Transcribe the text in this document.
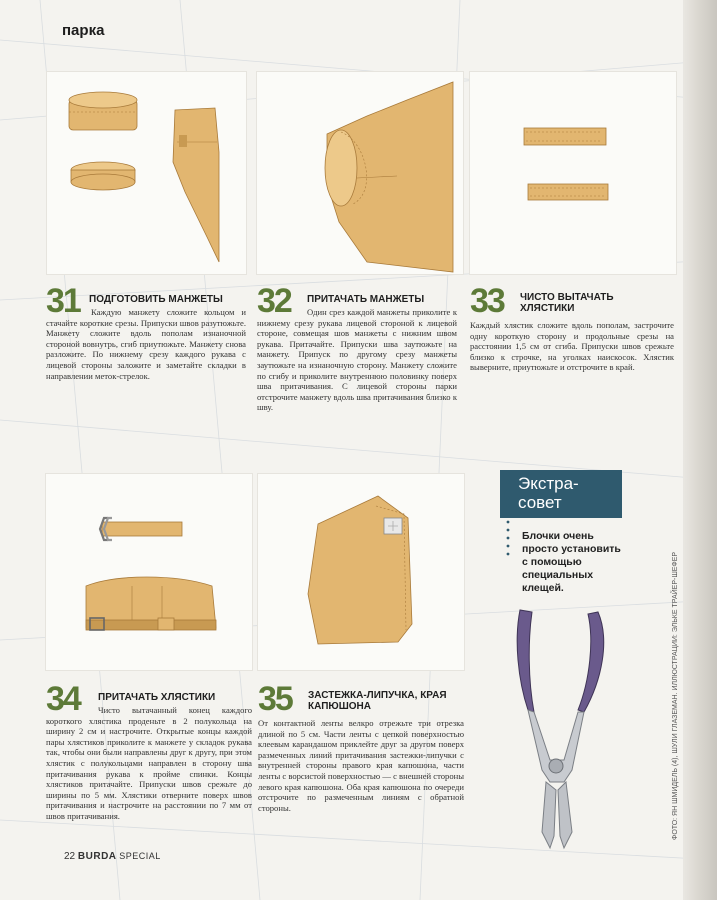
парка
31 ПОДГОТОВИТЬ МАНЖЕТЫ
Каждую манжету сложите кольцом и стачайте короткие срезы. Припуски швов разутюжьте. Манжету сложите вдоль пополам изнаночной стороной вовнутрь, сгиб приутюжьте. Манжету снова разложите. По нижнему срезу каждого рукава с лицевой стороны заложите и заметайте складки в направлении меток-стрелок.
32 ПРИТАЧАТЬ МАНЖЕТЫ
Один срез каждой манжеты приколите к нижнему срезу рукава лицевой стороной к лицевой стороне, совмещая шов манжеты с нижним швом рукава. Притачайте. Припуски шва заутюжьте на манжету. Припуск по другому срезу манжеты заутюжьте на изнаночную сторону. Манжету сложите по сгибу и приколите внутреннюю половинку поверх шва притачивания. С лицевой стороны парки отстрочите манжету вдоль шва притачивания близко к шву.
33 ЧИСТО ВЫТАЧАТЬ ХЛЯСТИКИ
Каждый хлястик сложите вдоль пополам, застрочите одну короткую сторону и продольные срезы на расстоянии 1,5 см от сгиба. Припуски швов срежьте близко к строчке, на уголках наискосок. Хлястик выверните, приутюжьте и отстрочите в край.
34 ПРИТАЧАТЬ ХЛЯСТИКИ
Чисто вытачанный конец каждого короткого хлястика проденьте в 2 полукольца на ширину 2 см и настрочите. Открытые концы каждой пары хлястиков приколите к манжете у складок рукава так, чтобы они были направлены друг к другу, при этом хлястик с полукольцами направлен в сторону шва притачивания рукава к пройме спинки. Концы хлястиков притачайте. Припуски швов срежьте до ширины по 5 мм. Хлястики отверните поверх швов притачивания и настрочите на расстоянии по 7 мм от швов притачивания.
35 ЗАСТЕЖКА-ЛИПУЧКА, КРАЯ КАПЮШОНА
От контактной ленты велкро отрежьте три отрезка длиной по 5 см. Части ленты с цепкой поверхностью клеевым карандашом приклейте друг за другом поверх размеченных линий притачивания застежки-липучки с внутренней стороны правого края капюшона, части ленты с ворсистой поверхностью — с внешней стороны левого края капюшона. Оба края капюшона по очереди отстрочите по размеченным линиям с обратной стороны.
Экстра-
совет
Блочки очень просто установить с помощью специальных клещей.	ФОТО: ЯН ШМИДЕЛЬ (4), ШУЛИ ГЛАЗЕМАН. ИЛЛЮСТРАЦИИ: ЭЛЬКЕ ТРАЙЕР-ШЕФЕР
22 BURDA SPECIAL
